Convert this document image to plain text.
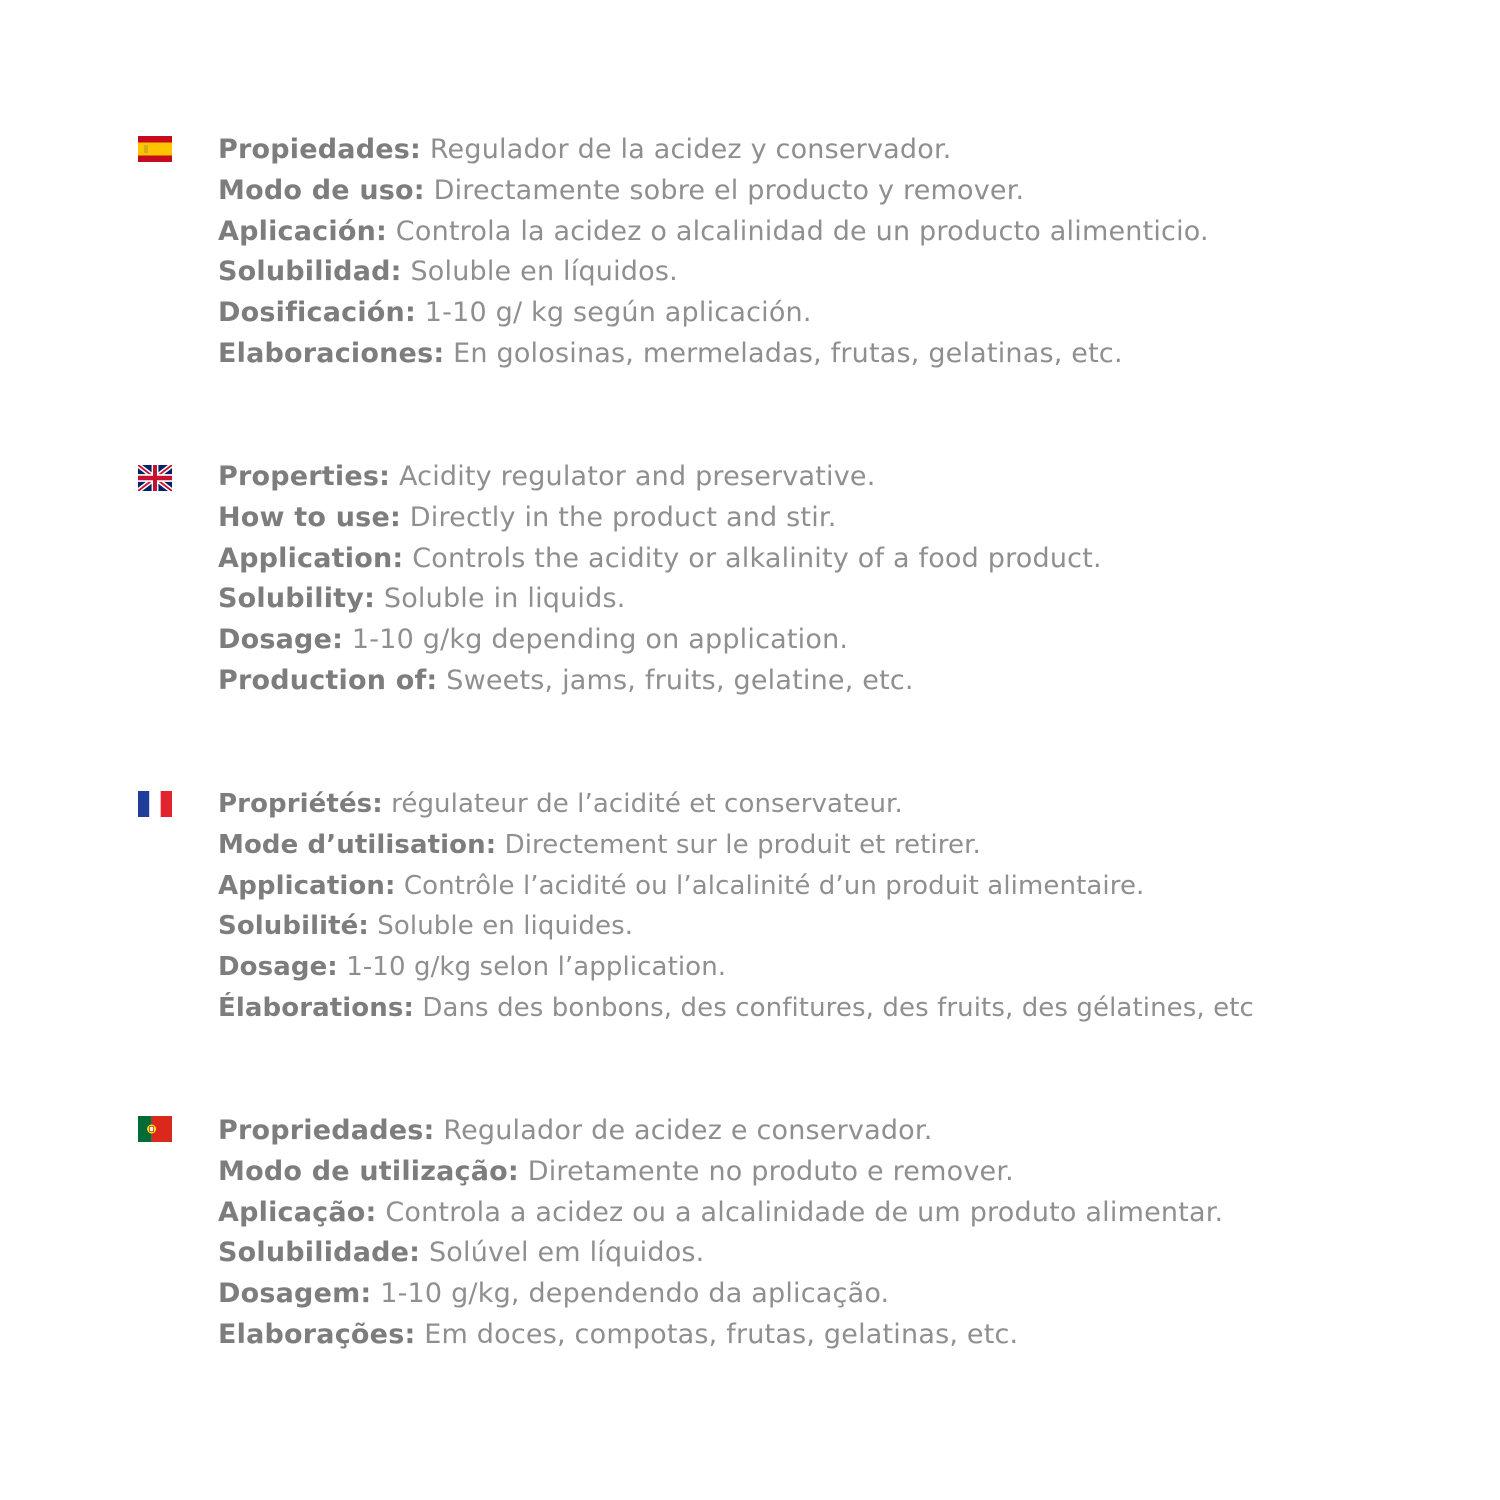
Propiedades: Regulador de la acidez y conservador.
Modo de uso: Directamente sobre el producto y remover.
Aplicación: Controla la acidez o alcalinidad de un producto alimenticio.
Solubilidad: Soluble en líquidos.
Dosificación: 1-10 g/ kg según aplicación.
Elaboraciones: En golosinas, mermeladas, frutas, gelatinas, etc.
Properties: Acidity regulator and preservative.
How to use: Directly in the product and stir.
Application: Controls the acidity or alkalinity of a food product.
Solubility: Soluble in liquids.
Dosage: 1-10 g/kg depending on application.
Production of: Sweets, jams, fruits, gelatine, etc.
Propriétés: régulateur de l’acidité et conservateur.
Mode d’utilisation: Directement sur le produit et retirer.
Application: Contrôle l’acidité ou l’alcalinité d’un produit alimentaire.
Solubilité: Soluble en liquides.
Dosage: 1-10 g/kg selon l’application.
Élaborations: Dans des bonbons, des confitures, des fruits, des gélatines, etc
Propriedades: Regulador de acidez e conservador.
Modo de utilização: Diretamente no produto e remover.
Aplicação: Controla a acidez ou a alcalinidade de um produto alimentar.
Solubilidade: Solúvel em líquidos.
Dosagem: 1-10 g/kg, dependendo da aplicação.
Elaborações: Em doces, compotas, frutas, gelatinas, etc.
